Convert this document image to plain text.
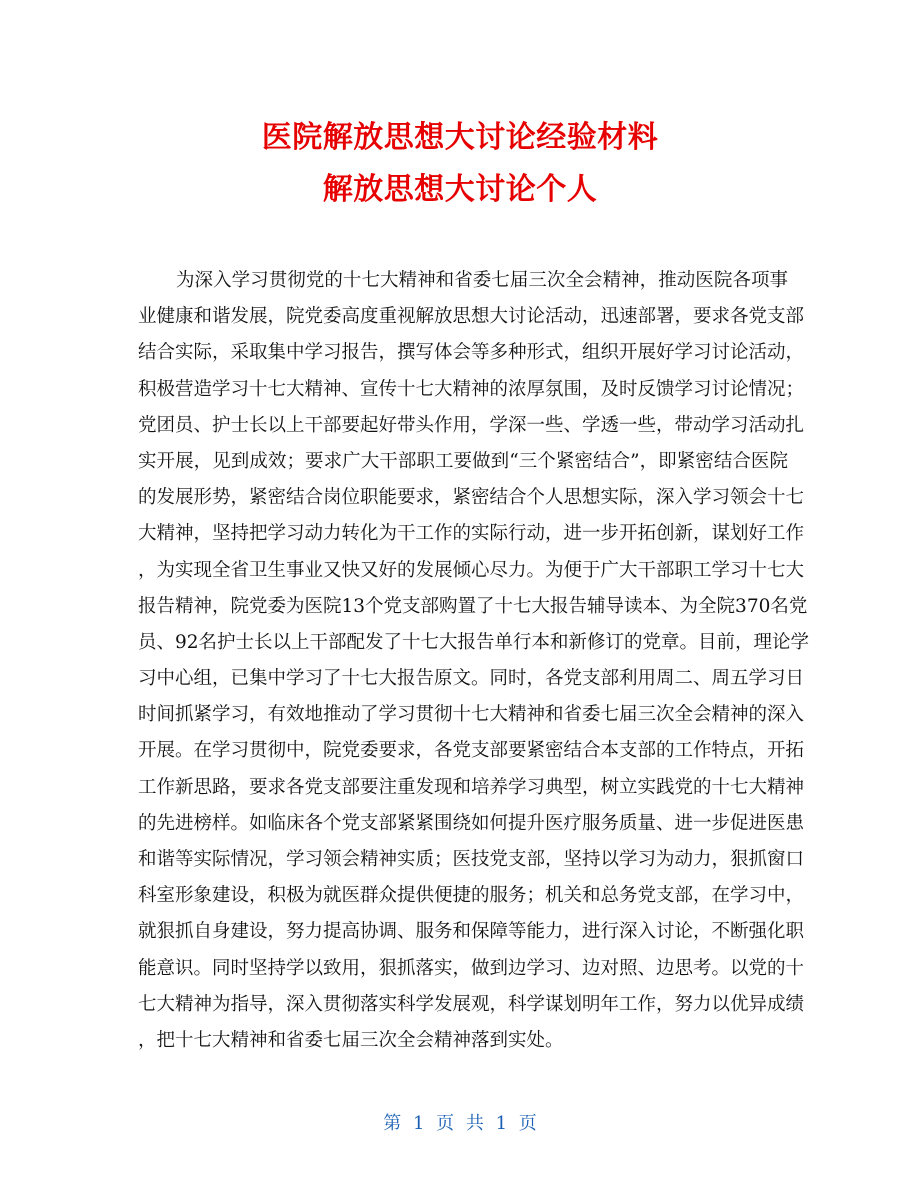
医院解放思想大讨论经验材料
解放思想大讨论个人
为深入学习贯彻党的十七大精神和省委七届三次全会精神，推动医院各项事
业健康和谐发展，院党委高度重视解放思想大讨论活动，迅速部署，要求各党支部
结合实际，采取集中学习报告，撰写体会等多种形式，组织开展好学习讨论活动，
积极营造学习十七大精神、宣传十七大精神的浓厚氛围，及时反馈学习讨论情况；
党团员、护士长以上干部要起好带头作用，学深一些、学透一些，带动学习活动扎
实开展，见到成效；要求广大干部职工要做到“三个紧密结合”，即紧密结合医院
的发展形势，紧密结合岗位职能要求，紧密结合个人思想实际，深入学习领会十七
大精神，坚持把学习动力转化为干工作的实际行动，进一步开拓创新，谋划好工作
，为实现全省卫生事业又快又好的发展倾心尽力。为便于广大干部职工学习十七大
报告精神，院党委为医院13个党支部购置了十七大报告辅导读本、为全院370名党
员、92名护士长以上干部配发了十七大报告单行本和新修订的党章。目前，理论学
习中心组，已集中学习了十七大报告原文。同时，各党支部利用周二、周五学习日
时间抓紧学习，有效地推动了学习贯彻十七大精神和省委七届三次全会精神的深入
开展。在学习贯彻中，院党委要求，各党支部要紧密结合本支部的工作特点，开拓
工作新思路，要求各党支部要注重发现和培养学习典型，树立实践党的十七大精神
的先进榜样。如临床各个党支部紧紧围绕如何提升医疗服务质量、进一步促进医患
和谐等实际情况，学习领会精神实质；医技党支部，坚持以学习为动力，狠抓窗口
科室形象建设，积极为就医群众提供便捷的服务；机关和总务党支部，在学习中，
就狠抓自身建设，努力提高协调、服务和保障等能力，进行深入讨论，不断强化职
能意识。同时坚持学以致用，狠抓落实，做到边学习、边对照、边思考。以党的十
七大精神为指导，深入贯彻落实科学发展观，科学谋划明年工作，努力以优异成绩
，把十七大精神和省委七届三次全会精神落到实处。
第 1 页 共 1 页
